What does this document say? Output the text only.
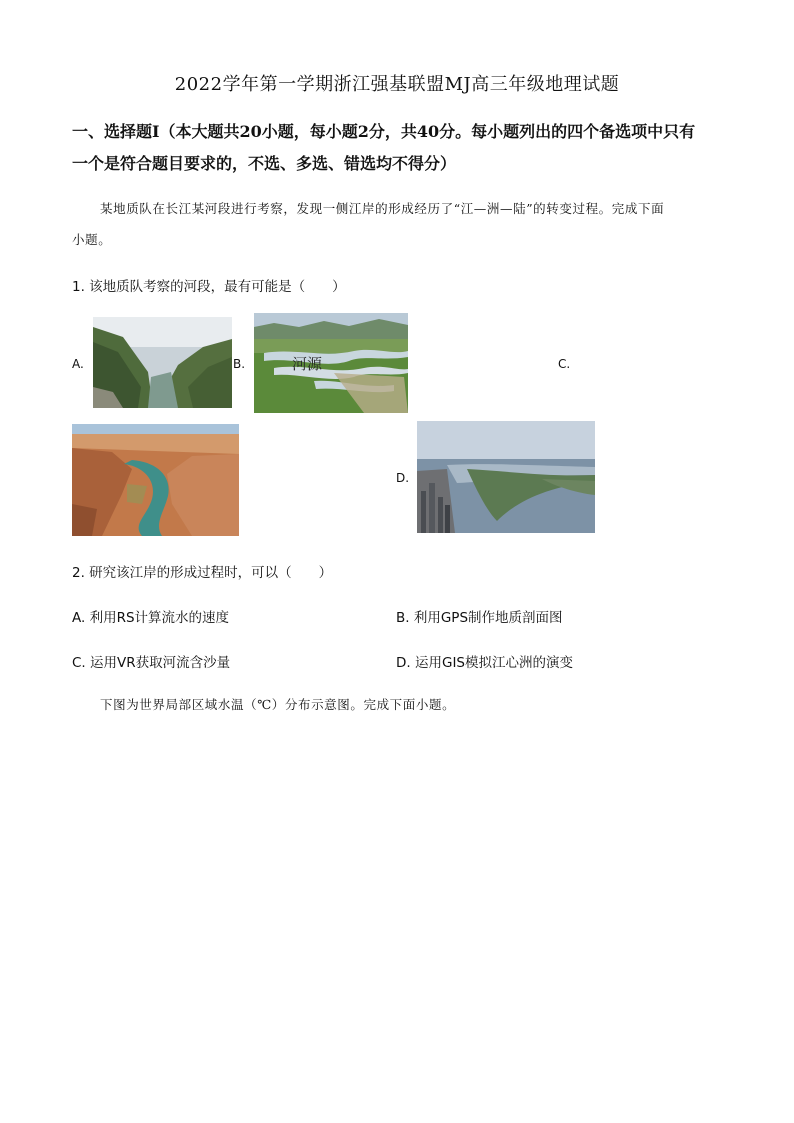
2022学年第一学期浙江强基联盟MJ高三年级地理试题
一、选择题Ⅰ（本大题共20小题，每小题2分，共40分。每小题列出的四个备选项中只有
一个是符合题目要求的，不选、多选、错选均不得分）
某地质队在长江某河段进行考察，发现一侧江岸的形成经历了“江—洲—陆”的转变过程。完成下面
小题。
1. 该地质队考察的河段，最有可能是（　　）
A.	B.	河源	C.
D.
2. 研究该江岸的形成过程时，可以（　　）
A. 利用RS计算流水的速度	B. 利用GPS制作地质剖面图
C. 运用VR获取河流含沙量	D. 运用GIS模拟江心洲的演变
下图为世界局部区域水温（℃）分布示意图。完成下面小题。
